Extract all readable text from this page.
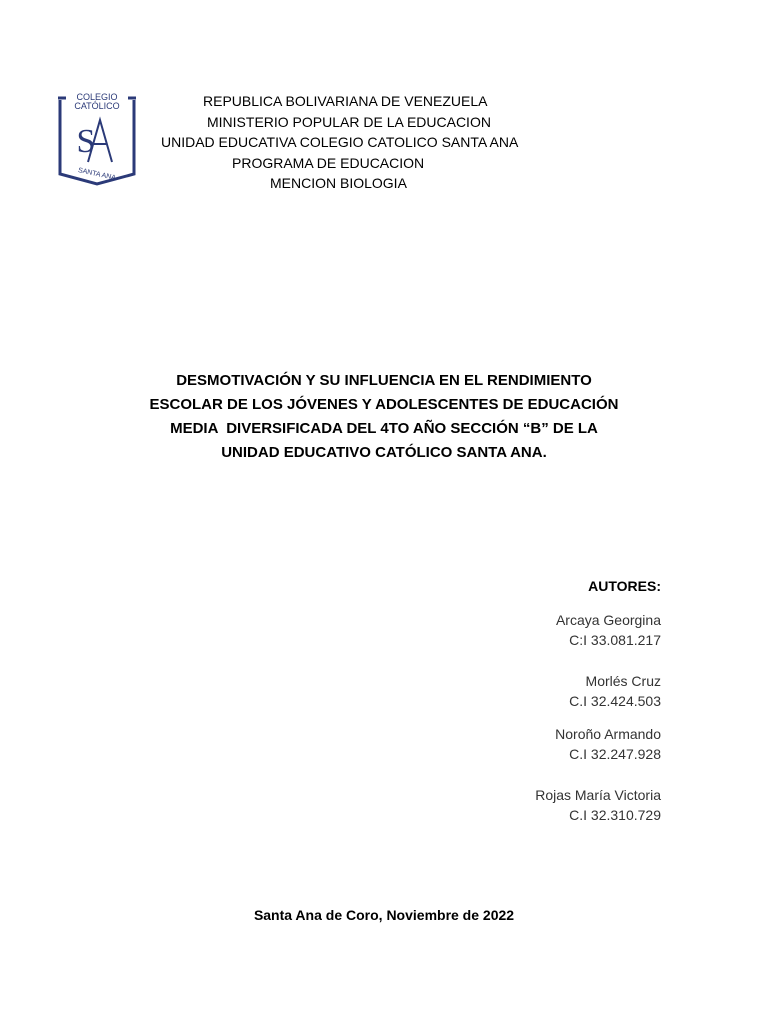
COLEGIO
CATÓLICO
S
SANTA ANA
REPUBLICA BOLIVARIANA DE VENEZUELA
MINISTERIO POPULAR DE LA EDUCACION
UNIDAD EDUCATIVA COLEGIO CATOLICO SANTA ANA
PROGRAMA DE EDUCACION
MENCION BIOLOGIA
DESMOTIVACIÓN Y SU INFLUENCIA EN EL RENDIMIENTO
ESCOLAR DE LOS JÓVENES Y ADOLESCENTES DE EDUCACIÓN
MEDIA  DIVERSIFICADA DEL 4TO AÑO SECCIÓN “B” DE LA
UNIDAD EDUCATIVO CATÓLICO SANTA ANA.
AUTORES:
Arcaya Georgina
C:I 33.081.217
Morlés Cruz
C.I 32.424.503
Noroño Armando
C.I 32.247.928
Rojas María Victoria
C.I 32.310.729
Santa Ana de Coro, Noviembre de 2022
